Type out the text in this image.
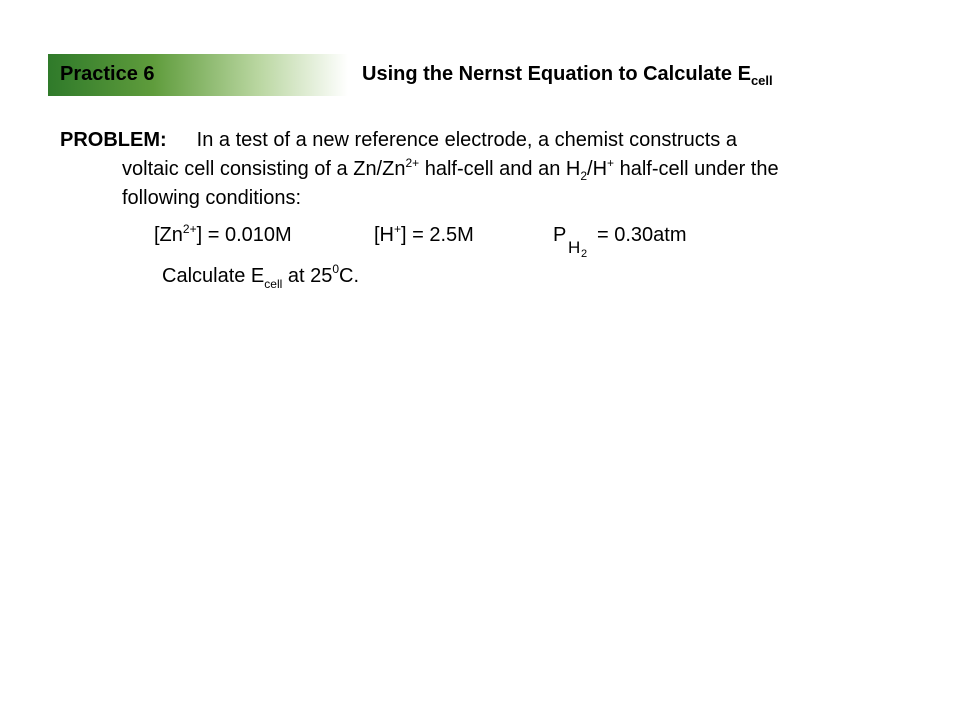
Practice 6	Using the Nernst Equation to Calculate $E_{cell}$
PROBLEM: In a test of a new reference electrode, a chemist constructs a
voltaic cell consisting of a $Zn/Zn^{2+}$ half-cell and an $H_2/H^+$ half-cell under the
following conditions:
$[Zn^{2+}] = 0.010M$	[H+] = 2.5M	P
H 2
= 0.30atm
Calculate $E_{cell}$ at $25^0C$.
